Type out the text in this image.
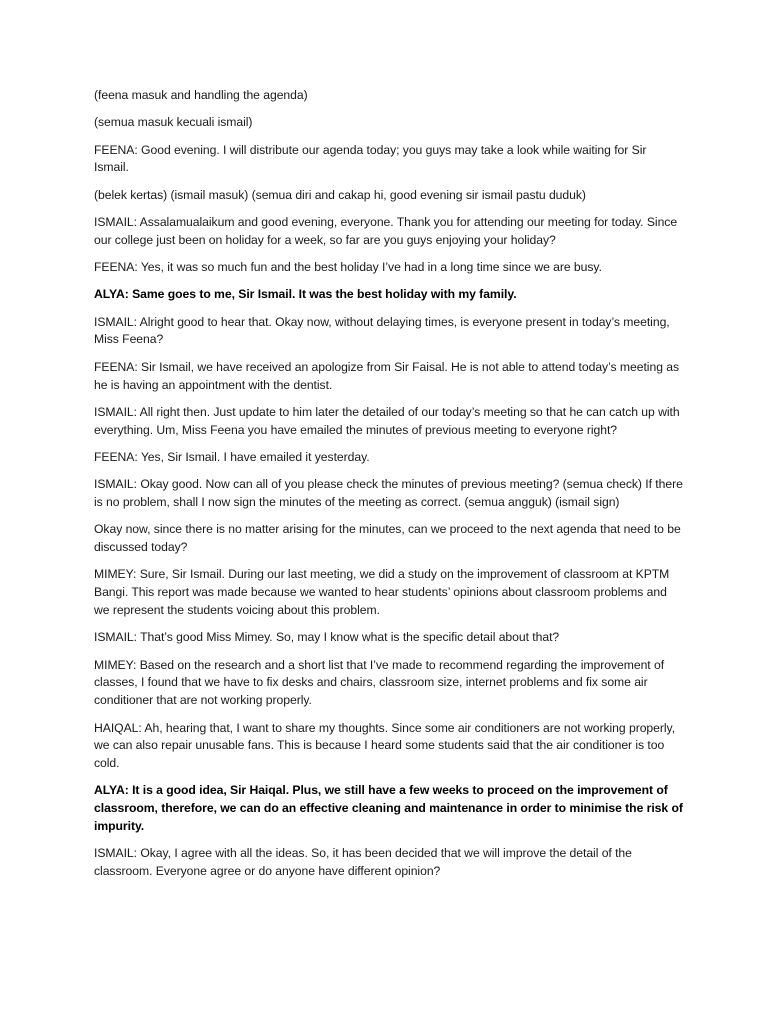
(feena masuk and handling the agenda)

(semua masuk kecuali ismail)

FEENA: Good evening. I will distribute our agenda today; you guys may take a look while waiting for Sir Ismail.

(belek kertas) (ismail masuk) (semua diri and cakap hi, good evening sir ismail pastu duduk)

ISMAIL: Assalamualaikum and good evening, everyone. Thank you for attending our meeting for today. Since our college just been on holiday for a week, so far are you guys enjoying your holiday?

FEENA: Yes, it was so much fun and the best holiday I’ve had in a long time since we are busy.

ALYA: Same goes to me, Sir Ismail. It was the best holiday with my family.

ISMAIL: Alright good to hear that. Okay now, without delaying times, is everyone present in today’s meeting, Miss Feena?

FEENA: Sir Ismail, we have received an apologize from Sir Faisal. He is not able to attend today’s meeting as he is having an appointment with the dentist.

ISMAIL: All right then. Just update to him later the detailed of our today’s meeting so that he can catch up with everything. Um, Miss Feena you have emailed the minutes of previous meeting to everyone right?

FEENA: Yes, Sir Ismail. I have emailed it yesterday.

ISMAIL: Okay good. Now can all of you please check the minutes of previous meeting? (semua check) If there is no problem, shall I now sign the minutes of the meeting as correct. (semua angguk) (ismail sign)

Okay now, since there is no matter arising for the minutes, can we proceed to the next agenda that need to be discussed today?

MIMEY: Sure, Sir Ismail. During our last meeting, we did a study on the improvement of classroom at KPTM Bangi. This report was made because we wanted to hear students’ opinions about classroom problems and we represent the students voicing about this problem.

ISMAIL: That’s good Miss Mimey. So, may I know what is the specific detail about that?

MIMEY: Based on the research and a short list that I’ve made to recommend regarding the improvement of classes, I found that we have to fix desks and chairs, classroom size, internet problems and fix some air conditioner that are not working properly.

HAIQAL: Ah, hearing that, I want to share my thoughts. Since some air conditioners are not working properly, we can also repair unusable fans. This is because I heard some students said that the air conditioner is too cold.

ALYA: It is a good idea, Sir Haiqal. Plus, we still have a few weeks to proceed on the improvement of classroom, therefore, we can do an effective cleaning and maintenance in order to minimise the risk of impurity.

ISMAIL: Okay, I agree with all the ideas. So, it has been decided that we will improve the detail of the classroom. Everyone agree or do anyone have different opinion?
